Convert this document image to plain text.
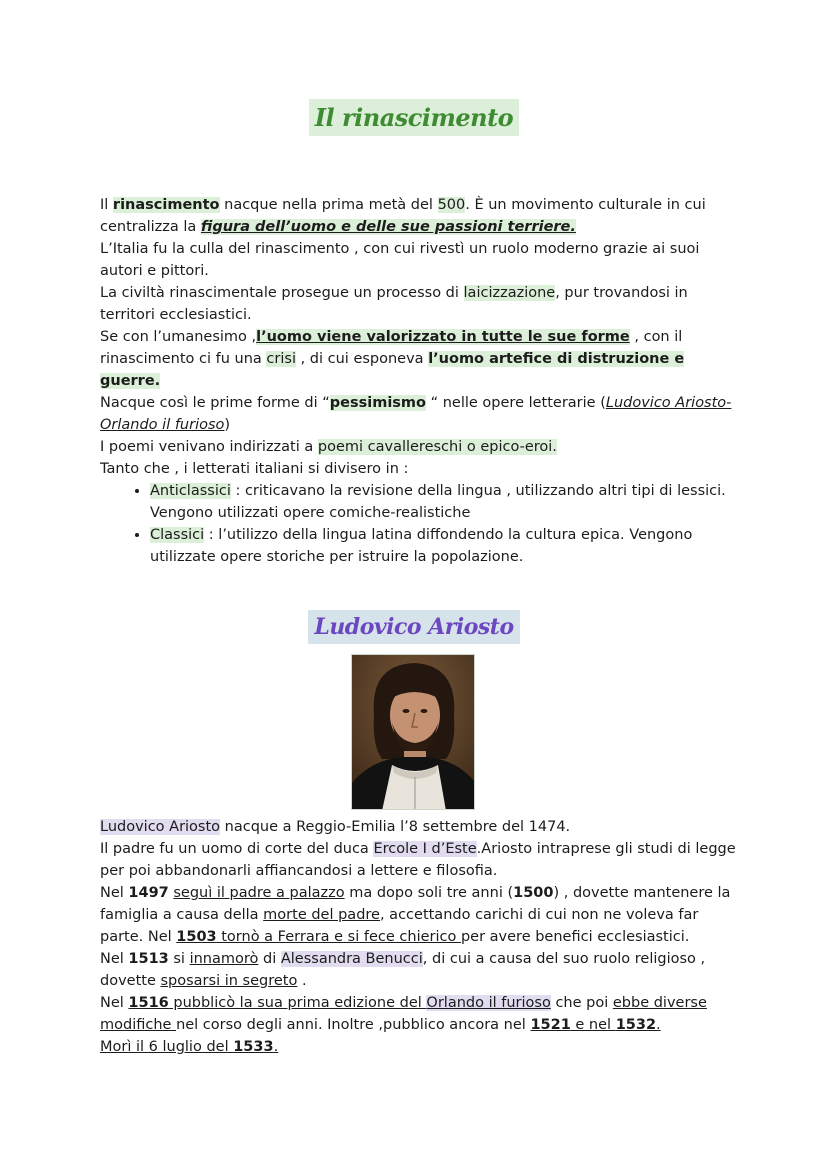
Il rinascimento

Il rinascimento nacque nella prima metà del 500. È un movimento culturale in cui centralizza la figura dell’uomo e delle sue passioni terriere.

L’Italia fu la culla del rinascimento , con cui rivestì un ruolo moderno grazie ai suoi autori e pittori.

La civiltà rinascimentale prosegue un processo di laicizzazione, pur trovandosi in territori ecclesiastici.

Se con l’umanesimo ,l’uomo viene valorizzato in tutte le sue forme , con il rinascimento ci fu una crisi , di cui esponeva l’uomo artefice di distruzione e guerre.

Nacque così le prime forme di “pessimismo “ nelle opere letterarie (Ludovico Ariosto-Orlando il furioso)

I poemi venivano indirizzati a poemi cavallereschi o epico-eroi.

Tanto che , i letterati italiani si divisero in :

• Anticlassici : criticavano la revisione della lingua , utilizzando altri tipi di lessici. Vengono utilizzati opere comiche-realistiche
• Classici : l’utilizzo della lingua latina diffondendo la cultura epica. Vengono utilizzate opere storiche per istruire la popolazione.
Ludovico Ariosto

Ludovico Ariosto nacque a Reggio-Emilia l’8 settembre del 1474.

Il padre fu un uomo di corte del duca Ercole I d’Este.Ariosto intraprese gli studi di legge per poi abbandonarli affiancandosi a lettere e filosofia.

Nel 1497 seguì il padre a palazzo ma dopo soli tre anni (1500) , dovette mantenere la famiglia a causa della morte del padre, accettando carichi di cui non ne voleva far parte. Nel 1503 tornò a Ferrara e si fece chierico per avere benefici ecclesiastici.

Nel 1513 si innamorò di Alessandra Benucci, di cui a causa del suo ruolo religioso , dovette sposarsi in segreto .

Nel 1516 pubblicò la sua prima edizione del Orlando il furioso che poi ebbe diverse modifiche nel corso degli anni. Inoltre ,pubblico ancora nel 1521 e nel 1532.

Morì il 6 luglio del 1533.
